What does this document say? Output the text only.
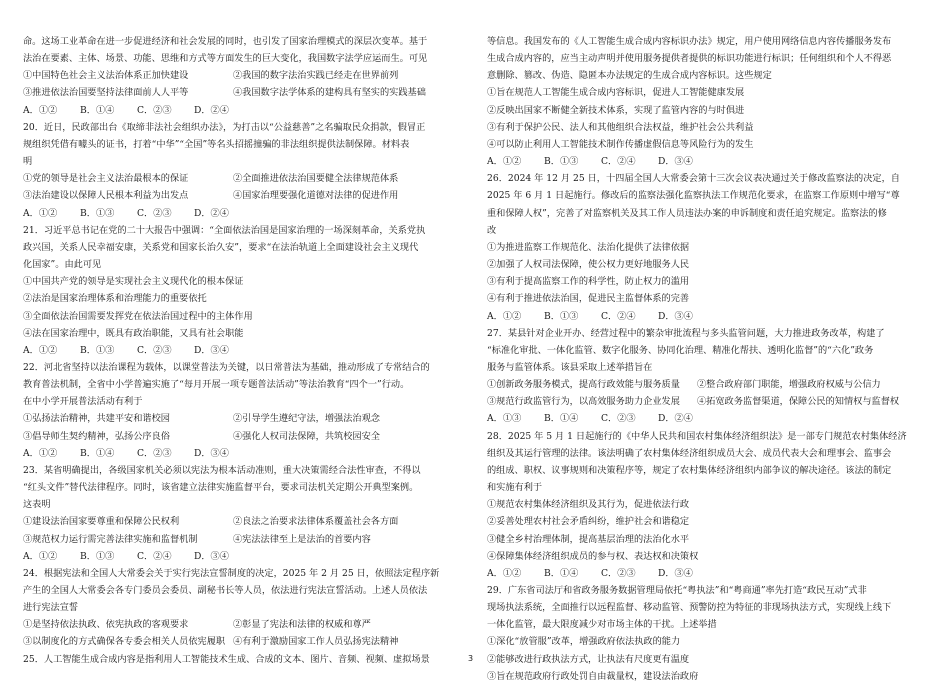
命。这场工业革命在进一步促进经济和社会发展的同时，也引发了国家治理模式的深层次变革。基于

法治在要素、主体、场景、功能、思维和方式等方面发生的巨大变化，我国数字法学应运而生。可见

①中国特色社会主义法治体系正加快建设	②我国的数字法治实践已经走在世界前列
③推进依法治国要坚持法律面前人人平等	④我国数字法学体系的建构具有坚实的实践基础
A．①② B．①④ C．②③ D．②④

20．近日，民政部出台《取缔非法社会组织办法》，为打击以“公益慈善”之名骗取民众捐款，假冒正

规组织凭借有噱头的证书，打着“中华”“全国”等名头招摇撞骗的非法组织提供法制保障。材料表

明

①党的领导是社会主义法治最根本的保证	②全面推进依法治国要健全法律规范体系
③法治建设以保障人民根本利益为出发点	④国家治理要强化道德对法律的促进作用
A．①② B．①③ C．②③ D．②④

21．习近平总书记在党的二十大报告中强调：“全面依法治国是国家治理的一场深刻革命，关系党执

政兴国，关系人民幸福安康，关系党和国家长治久安”，要求“在法治轨道上全面建设社会主义现代

化国家”。由此可见

①中国共产党的领导是实现社会主义现代化的根本保证

②法治是国家治理体系和治理能力的重要依托

③全面依法治国需要发挥党在依法治国过程中的主体作用

④法在国家治理中，既具有政治职能，又具有社会职能

A．①② B．①③ C．②③ D．③④

22．河北省坚持以法治课程为载体，以课堂普法为关键，以日常普法为基础，推动形成了专常结合的

教育普法机制，全省中小学普遍实施了“每月开展一项专题普法活动”等法治教育“四个一”行动。

在中小学开展普法活动有利于

①弘扬法治精神，共建平安和谐校园	②引导学生遵纪守法，增强法治观念
③倡导师生契约精神，弘扬公序良俗	④强化人权司法保障，共筑校园安全
A．①② B．①④ C．②③ D．③④

23．某省明确提出，各级国家机关必须以宪法为根本活动准则，重大决策需经合法性审查，不得以

“红头文件”替代法律程序。同时，该省建立法律实施监督平台，要求司法机关定期公开典型案例。

这表明

①建设法治国家要尊重和保障公民权利	②良法之治要求法律体系覆盖社会各方面
③规范权力运行需完善法律实施和监督机制	④宪法法律至上是法治的首要内容
A．①② B．①③ C．②④ D．③④

24．根据宪法和全国人大常委会关于实行宪法宣誓制度的决定，2025 年 2 月 25 日，依照法定程序新

产生的全国人大常委会各专门委员会委员、副秘书长等人员，依法进行宪法宣誓活动。上述人员依法

进行宪法宣誓

①是坚持依法执政、依宪执政的客观要求	②彰显了宪法和法律的权威和尊严
③以制度化的方式确保各专委会相关人员依宪履职 ④有利于激励国家工作人员弘扬宪法精神

25．人工智能生成合成内容是指利用人工智能技术生成、合成的文本、图片、音频、视频、虚拟场景

等信息。我国发布的《人工智能生成合成内容标识办法》规定，用户使用网络信息内容传播服务发布

生成合成内容的，应当主动声明并使用服务提供者提供的标识功能进行标识；任何组织和个人不得恶

意删除、篡改、伪造、隐匿本办法规定的生成合成内容标识。这些规定

①旨在规范人工智能生成合成内容标识，促进人工智能健康发展

②反映出国家不断健全新技术体系，实现了监管内容的与时俱进

③有利于保护公民、法人和其他组织合法权益，维护社会公共利益

④可以防止利用人工智能技术制作传播虚假信息等风险行为的发生

A．①② B．①③ C．②④ D．③④

26．2024 年 12 月 25 日，十四届全国人大常委会第十三次会议表决通过关于修改监察法的决定，自

2025 年 6 月 1 日起施行。修改后的监察法强化监察执法工作规范化要求，在监察工作原则中增写“尊

重和保障人权”，完善了对监察机关及其工作人员违法办案的申诉制度和责任追究规定。监察法的修

改

①为推进监察工作规范化、法治化提供了法律依据

②加强了人权司法保障，使公权力更好地服务人民

③有利于提高监察工作的科学性，防止权力的滥用

④有利于推进依法治国，促进民主监督体系的完善

A．①② B．①③ C．②④ D．③④

27．某县针对企业开办、经营过程中的繁杂审批流程与多头监管问题，大力推进政务改革，构建了

“标准化审批、一体化监管、数字化服务、协同化治理、精准化帮扶、透明化监督”的“六化”政务

服务与监管体系。该县采取上述举措旨在

①创新政务服务模式，提高行政效能与服务质量	②整合政府部门职能，增强政府权威与公信力
③规范行政监管行为，以高效服务助力企业发展	④拓宽政务监督渠道，保障公民的知情权与监督权
A．①③ B．①④ C．②③ D．②④

28．2025 年 5 月 1 日起施行的《中华人民共和国农村集体经济组织法》是一部专门规范农村集体经济

组织及其运行管理的法律。该法明确了农村集体经济组织成员大会、成员代表大会和理事会、监事会

的组成、职权、议事规则和决策程序等，规定了农村集体经济组织内部争议的解决途径。该法的制定

和实施有利于

①规范农村集体经济组织及其行为，促进依法行政

②妥善处理农村社会矛盾纠纷，维护社会和谐稳定

③健全乡村治理体制，提高基层治理的法治化水平

④保障集体经济组织成员的参与权、表达权和决策权

A．①② B．①④ C．②③ D．③④

29．广东省司法厅和省政务服务数据管理局依托“粤执法”和“粤商通”率先打造“政民互动”式非

现场执法系统，全面推行以远程监督、移动监管、预警防控为特征的非现场执法方式，实现线上线下

一体化监管，最大限度减少对市场主体的干扰。上述举措

①深化“放管服”改革，增强政府依法执政的能力

②能够改进行政执法方式，让执法有尺度更有温度

③旨在规范政府行政处罚自由裁量权，建设法治政府

3
